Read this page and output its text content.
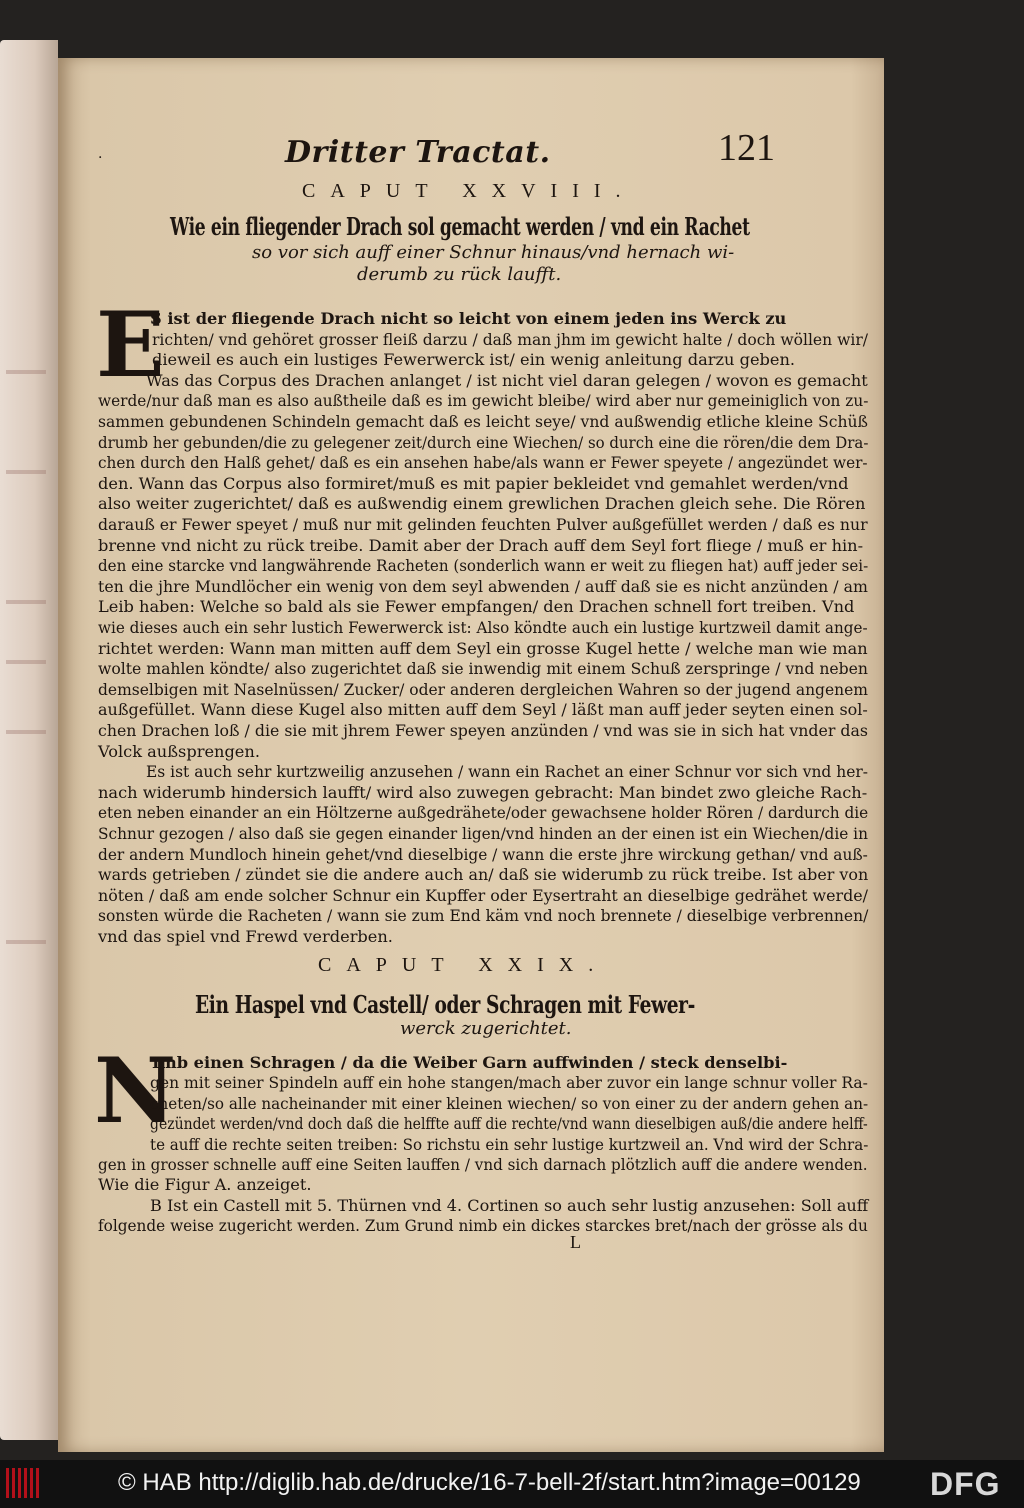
·	Dritter Tractat.	121
CAPUT XXVIII.
Wie ein fliegender Drach sol gemacht werden / vnd ein Rachet
so vor sich auff einer Schnur hinaus/vnd hernach wi-
derumb zu rück laufft.
E
S ist der fliegende Drach nicht so leicht von einem jeden ins Werck zu
richten/ vnd gehöret grosser fleiß darzu / daß man jhm im gewicht halte / doch wöllen wir/
dieweil es auch ein lustiges Fewerwerck ist/ ein wenig anleitung darzu geben.
Was das Corpus des Drachen anlanget / ist nicht viel daran gelegen / wovon es gemacht
werde/nur daß man es also außtheile daß es im gewicht bleibe/ wird aber nur gemeiniglich von zu-
sammen gebundenen Schindeln gemacht daß es leicht seye/ vnd außwendig etliche kleine Schüß
drumb her gebunden/die zu gelegener zeit/durch eine Wiechen/ so durch eine die rören/die dem Dra-
chen durch den Halß gehet/ daß es ein ansehen habe/als wann er Fewer speyete / angezündet wer-
den. Wann das Corpus also formiret/muß es mit papier bekleidet vnd gemahlet werden/vnd
also weiter zugerichtet/ daß es außwendig einem grewlichen Drachen gleich sehe. Die Rören
darauß er Fewer speyet / muß nur mit gelinden feuchten Pulver außgefüllet werden / daß es nur
brenne vnd nicht zu rück treibe. Damit aber der Drach auff dem Seyl fort fliege / muß er hin-
den eine starcke vnd langwährende Racheten (sonderlich wann er weit zu fliegen hat) auff jeder sei-
ten die jhre Mundlöcher ein wenig von dem seyl abwenden / auff daß sie es nicht anzünden / am
Leib haben: Welche so bald als sie Fewer empfangen/ den Drachen schnell fort treiben. Vnd
wie dieses auch ein sehr lustich Fewerwerck ist: Also köndte auch ein lustige kurtzweil damit ange-
richtet werden: Wann man mitten auff dem Seyl ein grosse Kugel hette / welche man wie man
wolte mahlen köndte/ also zugerichtet daß sie inwendig mit einem Schuß zerspringe / vnd neben
demselbigen mit Naselnüssen/ Zucker/ oder anderen dergleichen Wahren so der jugend angenem
außgefüllet. Wann diese Kugel also mitten auff dem Seyl / läßt man auff jeder seyten einen sol-
chen Drachen loß / die sie mit jhrem Fewer speyen anzünden / vnd was sie in sich hat vnder das
Volck außsprengen.
Es ist auch sehr kurtzweilig anzusehen / wann ein Rachet an einer Schnur vor sich vnd her-
nach widerumb hindersich laufft/ wird also zuwegen gebracht: Man bindet zwo gleiche Rach-
eten neben einander an ein Höltzerne außgedrähete/oder gewachsene holder Rören / dardurch die
Schnur gezogen / also daß sie gegen einander ligen/vnd hinden an der einen ist ein Wiechen/die in
der andern Mundloch hinein gehet/vnd dieselbige / wann die erste jhre wirckung gethan/ vnd auß-
wards getrieben / zündet sie die andere auch an/ daß sie widerumb zu rück treibe. Ist aber von
nöten / daß am ende solcher Schnur ein Kupffer oder Eysertraht an dieselbige gedrähet werde/
sonsten würde die Racheten / wann sie zum End käm vnd noch brennete / dieselbige verbrennen/
vnd das spiel vnd Frewd verderben.
CAPUT XXIX.
Ein Haspel vnd Castell/ oder Schragen mit Fewer-
werck zugerichtet.
N
Imb einen Schragen / da die Weiber Garn auffwinden / steck denselbi-
gen mit seiner Spindeln auff ein hohe stangen/mach aber zuvor ein lange schnur voller Ra-
cheten/so alle nacheinander mit einer kleinen wiechen/ so von einer zu der andern gehen an-
gezündet werden/vnd doch daß die helffte auff die rechte/vnd wann dieselbigen auß/die andere helff-
te auff die rechte seiten treiben: So richstu ein sehr lustige kurtzweil an. Vnd wird der Schra-
gen in grosser schnelle auff eine Seiten lauffen / vnd sich darnach plötzlich auff die andere wenden.
Wie die Figur A. anzeiget.
B Ist ein Castell mit 5. Thürnen vnd 4. Cortinen so auch sehr lustig anzusehen: Soll auff
folgende weise zugericht werden. Zum Grund nimb ein dickes starckes bret/nach der grösse als du
L
© HAB http://diglib.hab.de/drucke/16-7-bell-2f/start.htm?image=00129 DFG
